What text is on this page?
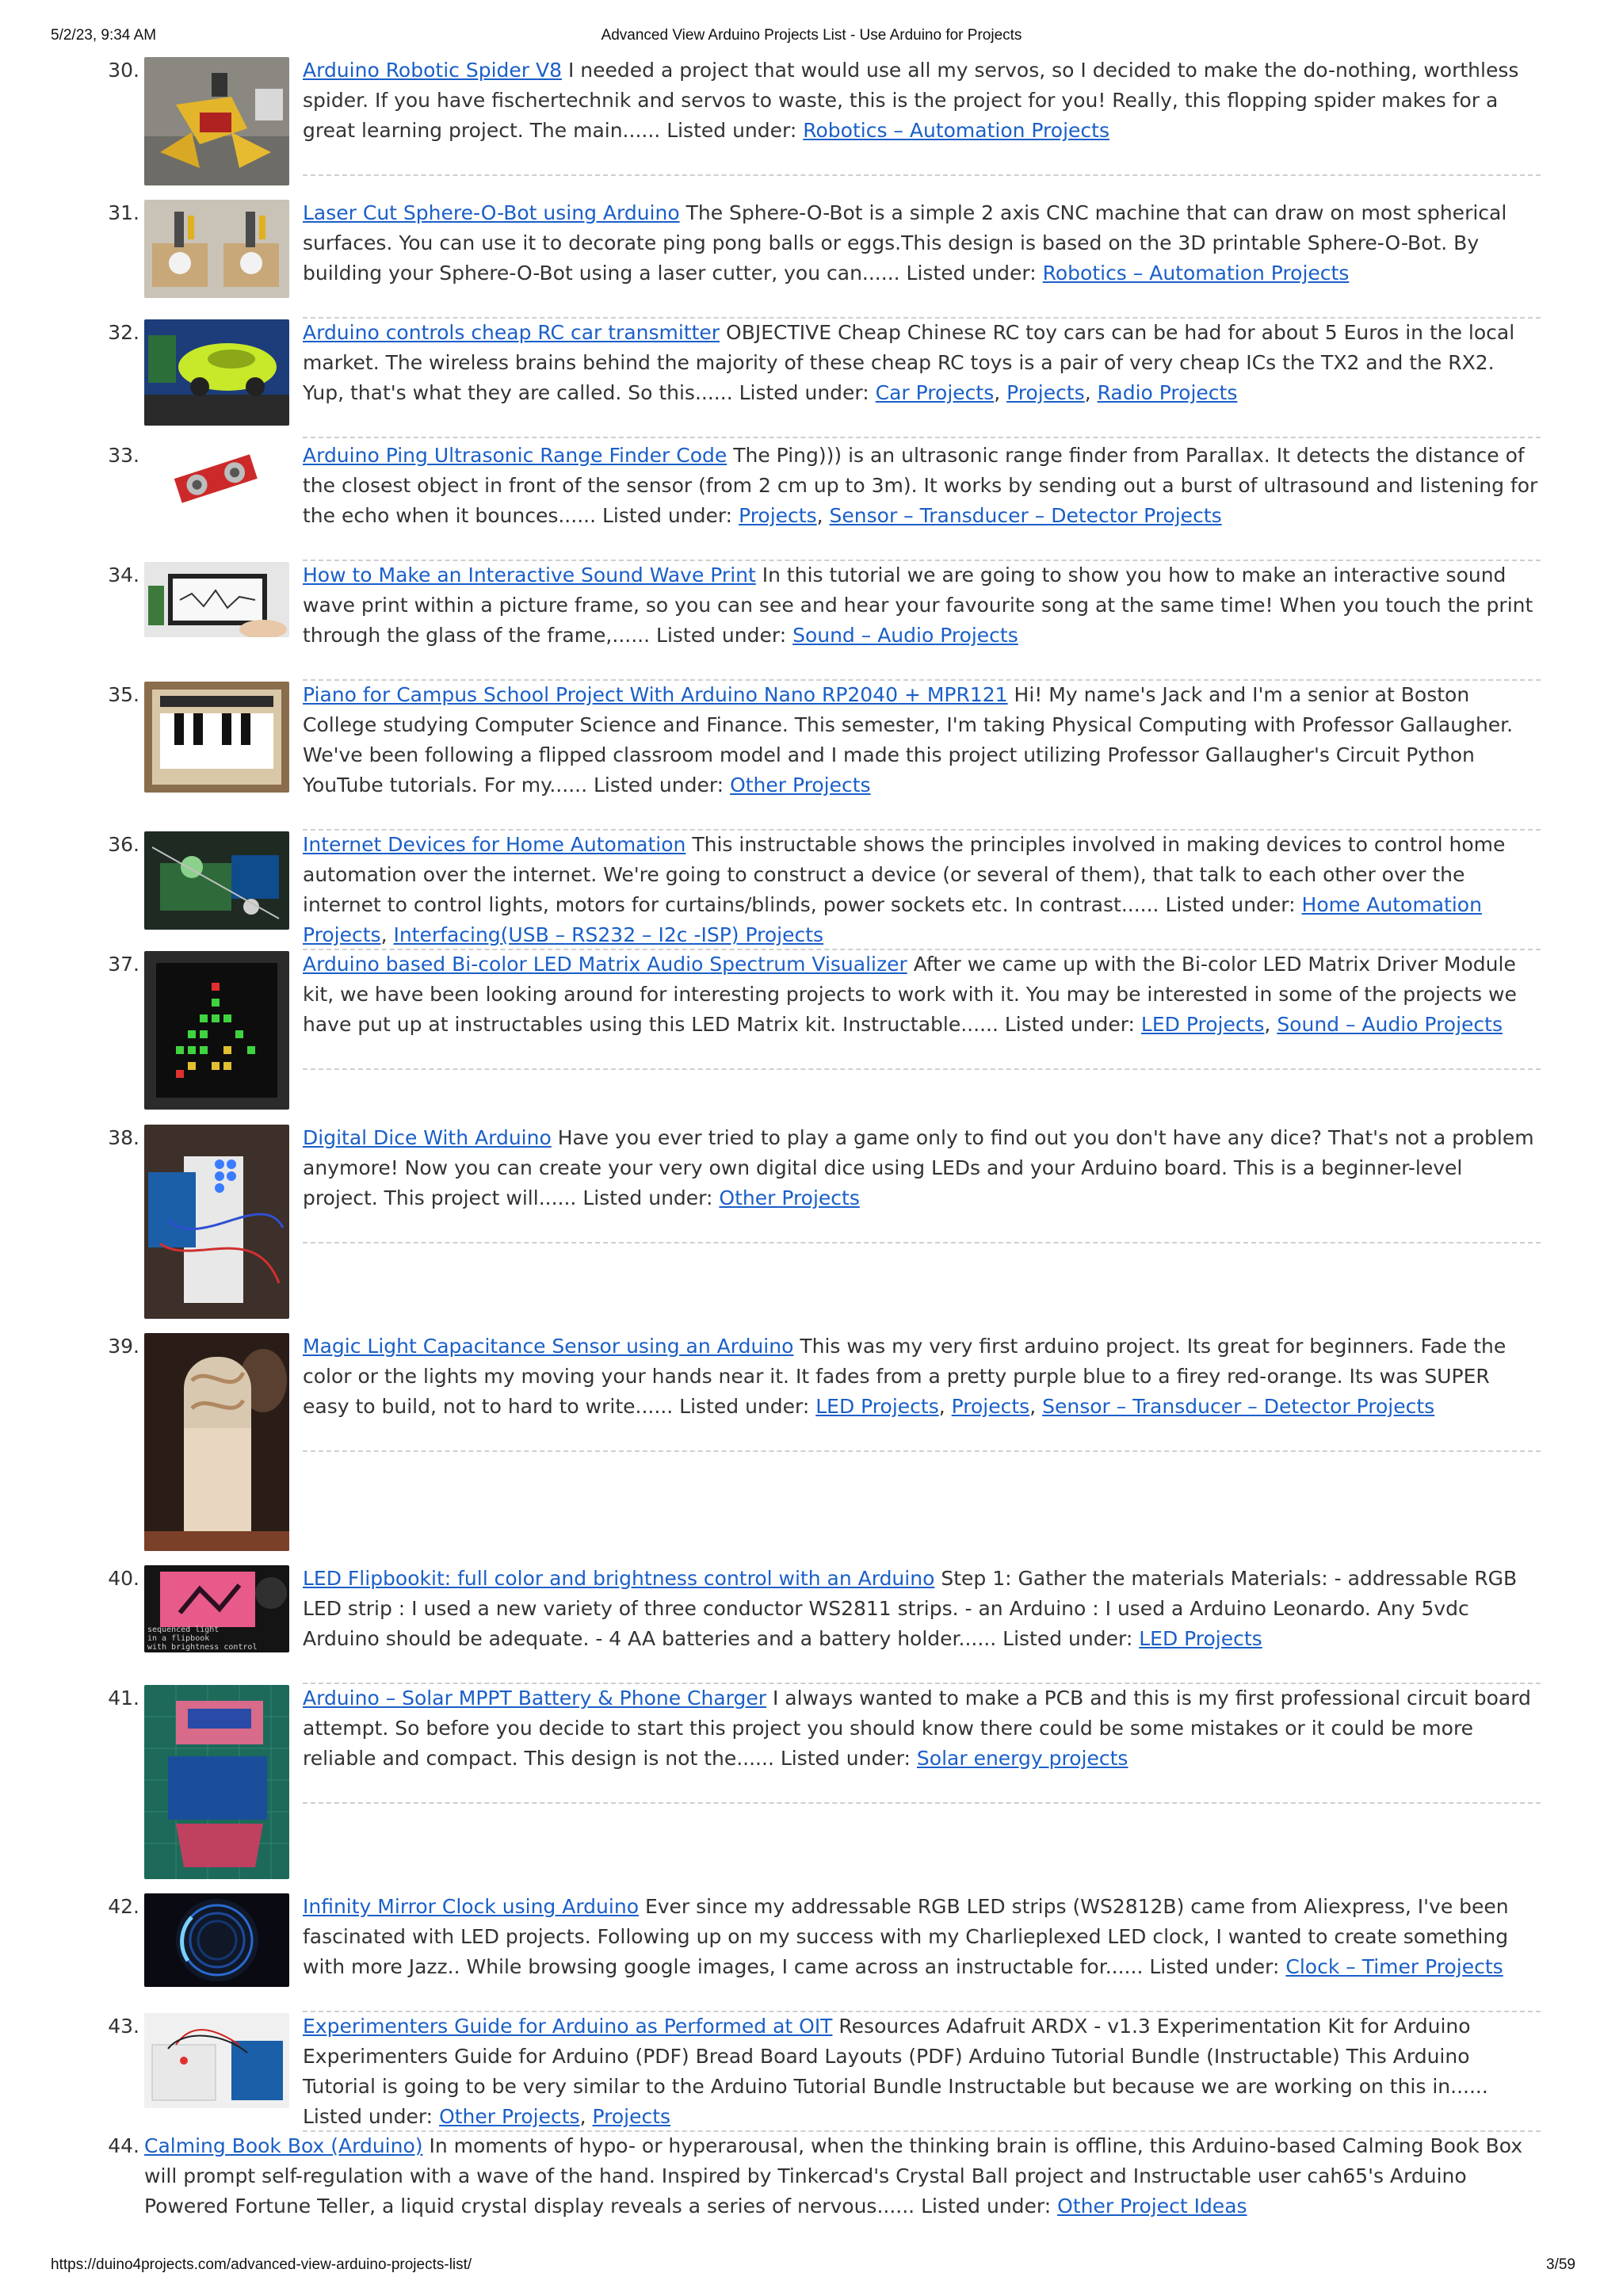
5/2/23, 9:34 AM	Advanced View Arduino Projects List - Use Arduino for Projects
30.	Arduino Robotic Spider V8 I needed a project that would use all my servos, so I decided to make the do-nothing, worthless spider. If you have fischertechnik and servos to waste, this is the project for you! Really, this flopping spider makes for a great learning project. The main...... Listed under: Robotics – Automation Projects
31.	Laser Cut Sphere-O-Bot using Arduino The Sphere-O-Bot is a simple 2 axis CNC machine that can draw on most spherical surfaces. You can use it to decorate ping pong balls or eggs.This design is based on the 3D printable Sphere-O-Bot. By building your Sphere-O-Bot using a laser cutter, you can...... Listed under: Robotics – Automation Projects
32.	Arduino controls cheap RC car transmitter OBJECTIVE Cheap Chinese RC toy cars can be had for about 5 Euros in the local market. The wireless brains behind the majority of these cheap RC toys is a pair of very cheap ICs the TX2 and the RX2. Yup, that's what they are called. So this...... Listed under: Car Projects, Projects, Radio Projects
33.	Arduino Ping Ultrasonic Range Finder Code The Ping))) is an ultrasonic range finder from Parallax. It detects the distance of the closest object in front of the sensor (from 2 cm up to 3m). It works by sending out a burst of ultrasound and listening for the echo when it bounces...... Listed under: Projects, Sensor – Transducer – Detector Projects
34.	How to Make an Interactive Sound Wave Print In this tutorial we are going to show you how to make an interactive sound wave print within a picture frame, so you can see and hear your favourite song at the same time! When you touch the print through the glass of the frame,...... Listed under: Sound – Audio Projects
35.	Piano for Campus School Project With Arduino Nano RP2040 + MPR121 Hi! My name's Jack and I'm a senior at Boston College studying Computer Science and Finance. This semester, I'm taking Physical Computing with Professor Gallaugher. We've been following a flipped classroom model and I made this project utilizing Professor Gallaugher's Circuit Python YouTube tutorials. For my...... Listed under: Other Projects
36.	Internet Devices for Home Automation This instructable shows the principles involved in making devices to control home automation over the internet. We're going to construct a device (or several of them), that talk to each other over the internet to control lights, motors for curtains/blinds, power sockets etc. In contrast...... Listed under: Home Automation Projects, Interfacing(USB – RS232 – I2c -ISP) Projects
37.	Arduino based Bi-color LED Matrix Audio Spectrum Visualizer After we came up with the Bi-color LED Matrix Driver Module kit, we have been looking around for interesting projects to work with it. You may be interested in some of the projects we have put up at instructables using this LED Matrix kit. Instructable...... Listed under: LED Projects, Sound – Audio Projects
38.	Digital Dice With Arduino Have you ever tried to play a game only to find out you don't have any dice? That's not a problem anymore! Now you can create your very own digital dice using LEDs and your Arduino board. This is a beginner-level project. This project will...... Listed under: Other Projects
39.	Magic Light Capacitance Sensor using an Arduino This was my very first arduino project. Its great for beginners. Fade the color or the lights my moving your hands near it. It fades from a pretty purple blue to a firey red-orange. Its was SUPER easy to build, not to hard to write...... Listed under: LED Projects, Projects, Sensor – Transducer – Detector Projects
40.
sequenced light
in a flipbook
with brightness control
LED Flipbookit: full color and brightness control with an Arduino Step 1: Gather the materials Materials: - addressable RGB LED strip : I used a new variety of three conductor WS2811 strips. - an Arduino : I used a Arduino Leonardo. Any 5vdc Arduino should be adequate. - 4 AA batteries and a battery holder...... Listed under: LED Projects
41.	Arduino – Solar MPPT Battery & Phone Charger I always wanted to make a PCB and this is my first professional circuit board attempt. So before you decide to start this project you should know there could be some mistakes or it could be more reliable and compact. This design is not the...... Listed under: Solar energy projects
42.	Infinity Mirror Clock using Arduino Ever since my addressable RGB LED strips (WS2812B) came from Aliexpress, I've been fascinated with LED projects. Following up on my success with my Charlieplexed LED clock, I wanted to create something with more Jazz.. While browsing google images, I came across an instructable for...... Listed under: Clock – Timer Projects
43.	Experimenters Guide for Arduino as Performed at OIT Resources Adafruit ARDX - v1.3 Experimentation Kit for Arduino Experimenters Guide for Arduino (PDF) Bread Board Layouts (PDF) Arduino Tutorial Bundle (Instructable) This Arduino Tutorial is going to be very similar to the Arduino Tutorial Bundle Instructable but because we are working on this in...... Listed under: Other Projects, Projects
44. Calming Book Box (Arduino) In moments of hypo- or hyperarousal, when the thinking brain is offline, this Arduino-based Calming Book Box will prompt self-regulation with a wave of the hand. Inspired by Tinkercad's Crystal Ball project and Instructable user cah65's Arduino Powered Fortune Teller, a liquid crystal display reveals a series of nervous...... Listed under: Other Project Ideas
https://duino4projects.com/advanced-view-arduino-projects-list/	3/59
